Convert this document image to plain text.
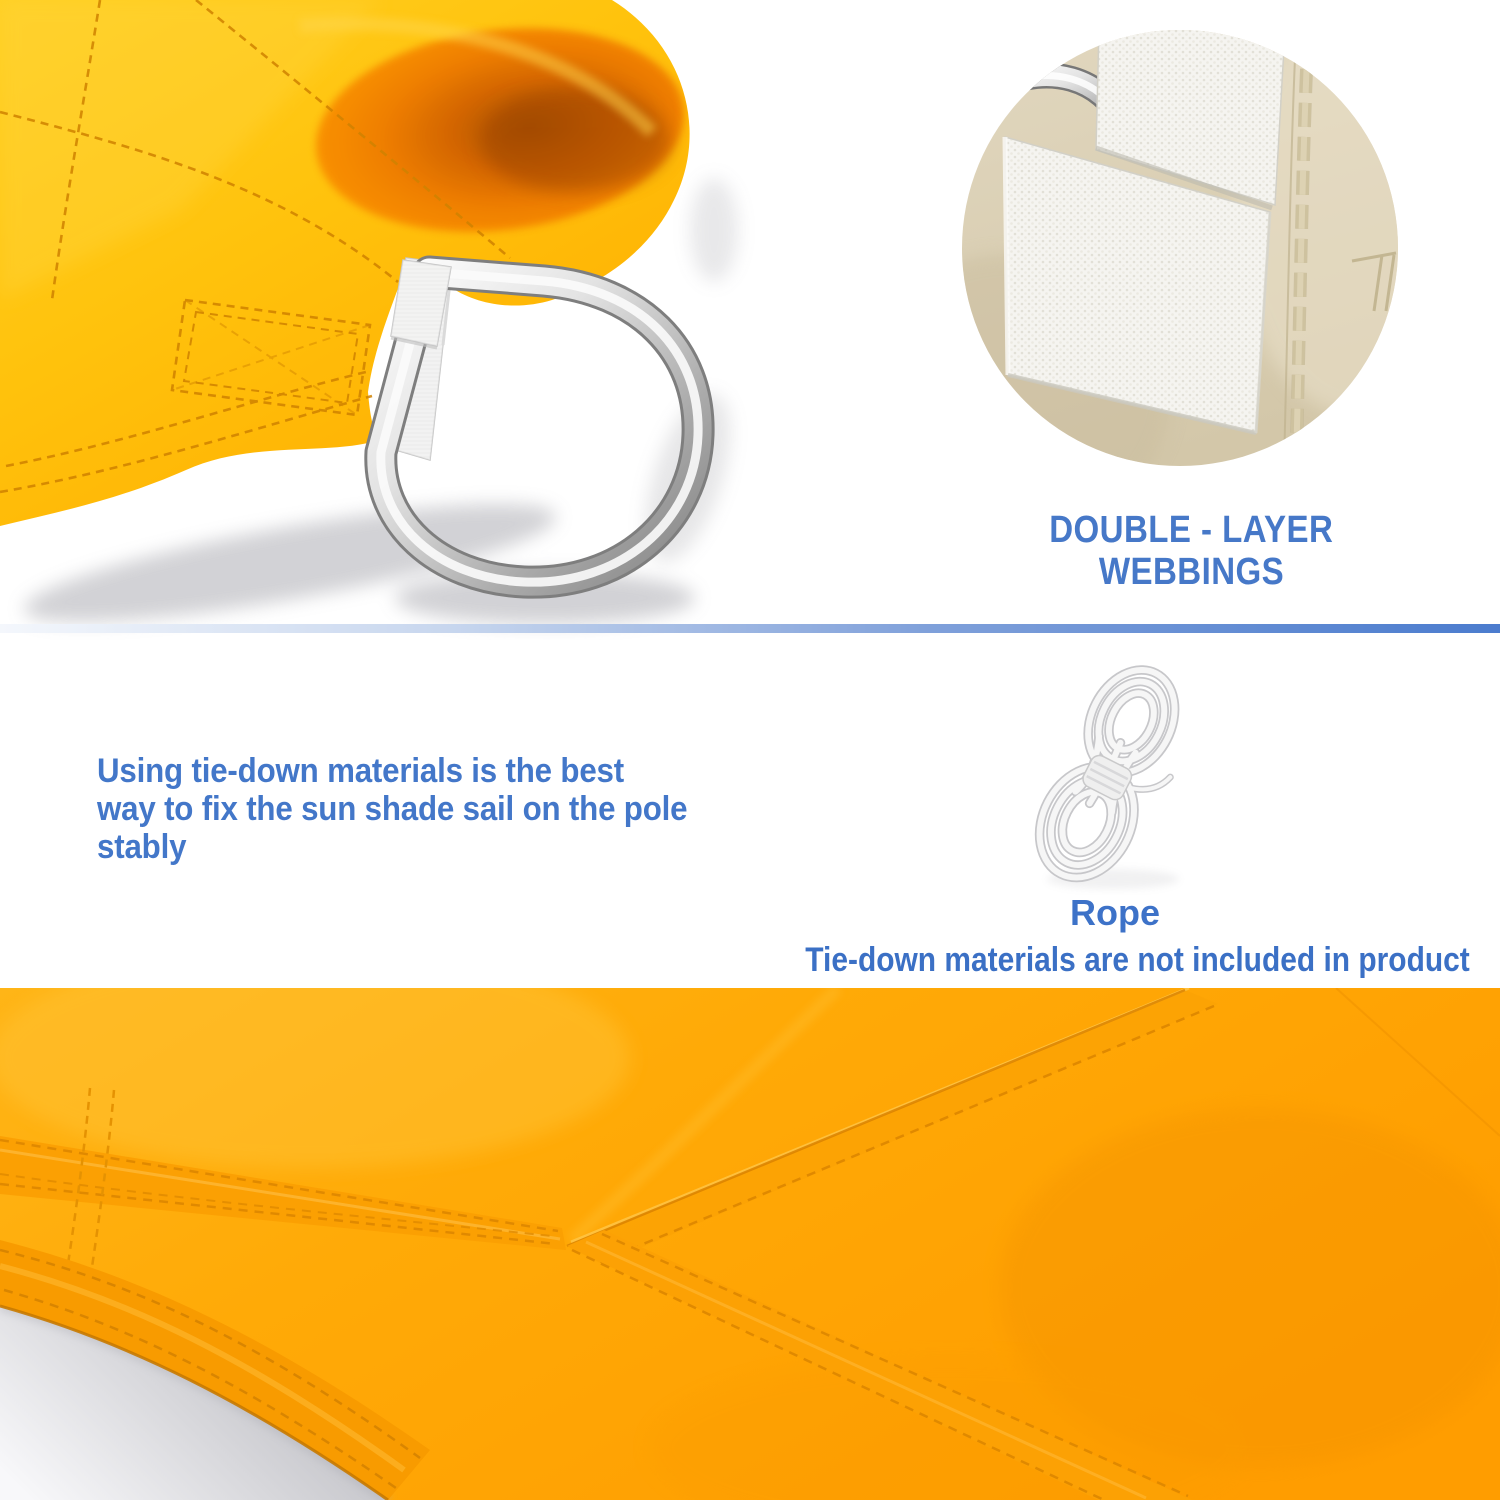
DOUBLE - LAYER
WEBBINGS
Using tie-down materials is the best
way to fix the sun shade sail on the pole
stably
Rope
Tie-down materials are not included in product
